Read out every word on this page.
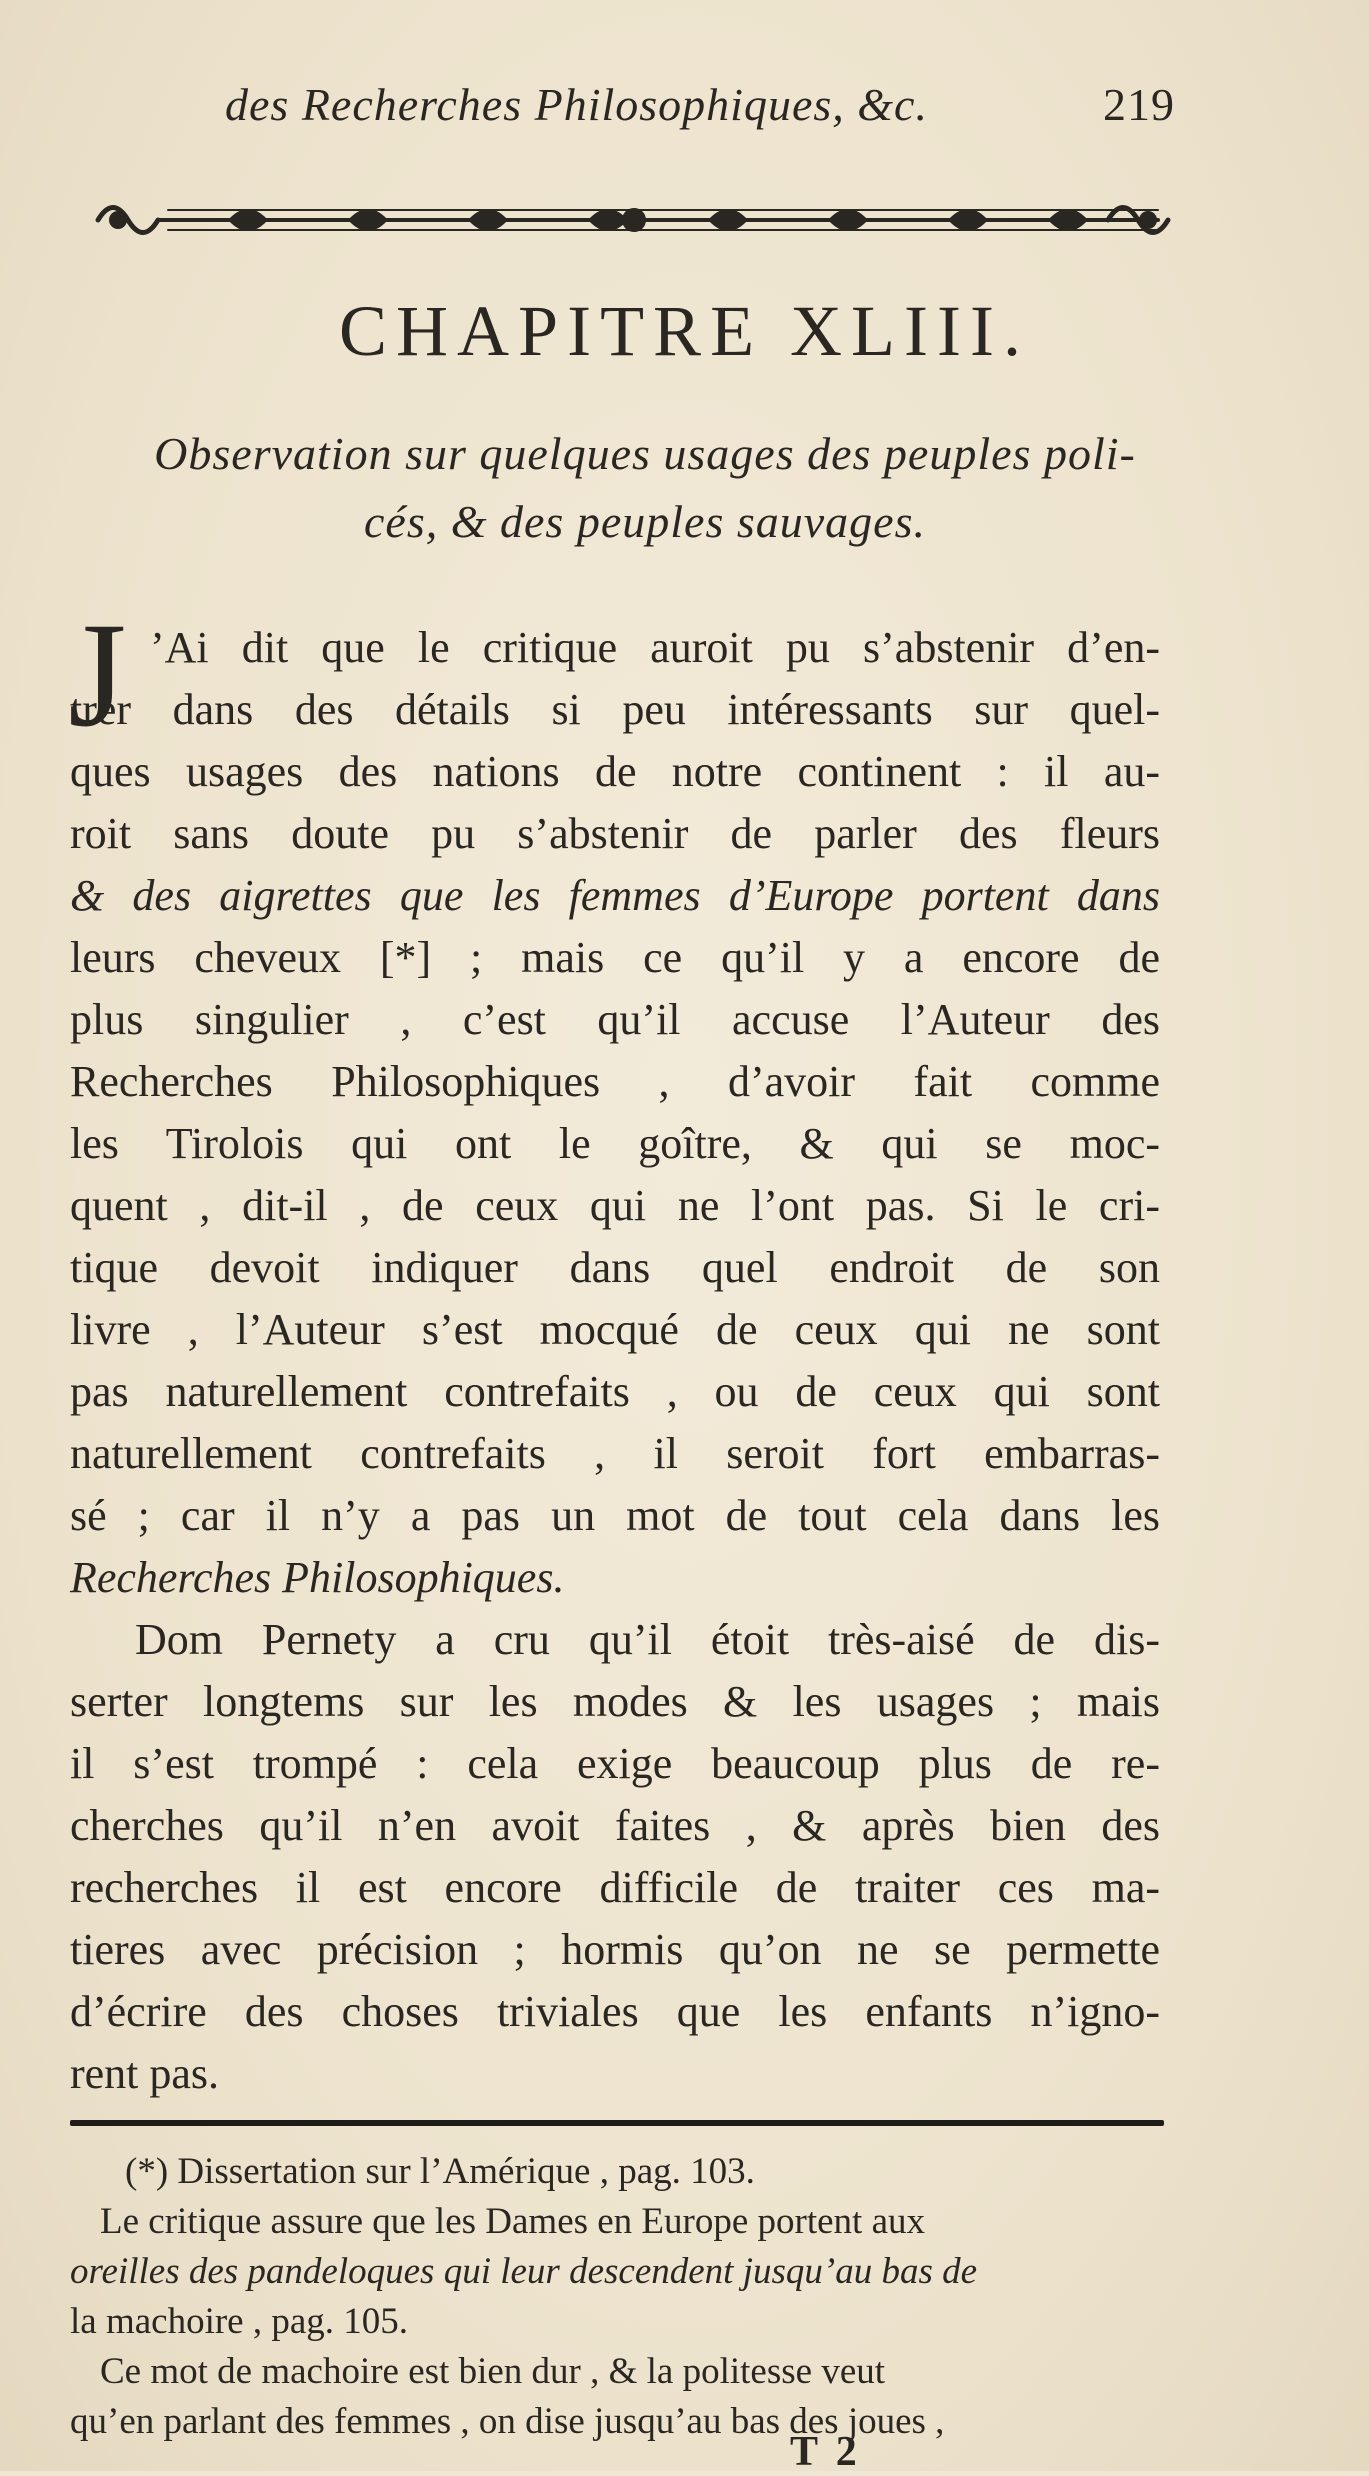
des Recherches Philosophiques, &c.	219
CHAPITRE XLIII.
Observation sur quelques usages des peuples poli-
cés, & des peuples sauvages.
J ’Ai dit que le critique auroit pu s’abstenir d’en-
trer dans des détails si peu intéressants sur quel-
ques usages des nations de notre continent : il au-
roit sans doute pu s’abstenir de parler des fleurs
& des aigrettes que les femmes d’Europe portent dans
leurs cheveux [*] ; mais ce qu’il y a encore de
plus singulier , c’est qu’il accuse l’Auteur des
Recherches Philosophiques , d’avoir fait comme
les Tirolois qui ont le goître, & qui se moc-
quent , dit-il , de ceux qui ne l’ont pas. Si le cri-
tique devoit indiquer dans quel endroit de son
livre , l’Auteur s’est mocqué de ceux qui ne sont
pas naturellement contrefaits , ou de ceux qui sont
naturellement contrefaits , il seroit fort embarras-
sé ; car il n’y a pas un mot de tout cela dans les
Recherches Philosophiques.
Dom Pernety a cru qu’il étoit très-aisé de dis-
serter longtems sur les modes & les usages ; mais
il s’est trompé : cela exige beaucoup plus de re-
cherches qu’il n’en avoit faites , & après bien des
recherches il est encore difficile de traiter ces ma-
tieres avec précision ; hormis qu’on ne se permette
d’écrire des choses triviales que les enfants n’igno-
rent pas.
(*) Dissertation sur l’Amérique , pag. 103.
Le critique assure que les Dames en Europe portent aux
oreilles des pandeloques qui leur descendent jusqu’au bas de
la machoire , pag. 105.
Ce mot de machoire est bien dur , & la politesse veut
qu’en parlant des femmes , on dise jusqu’au bas des joues ,
T 2
